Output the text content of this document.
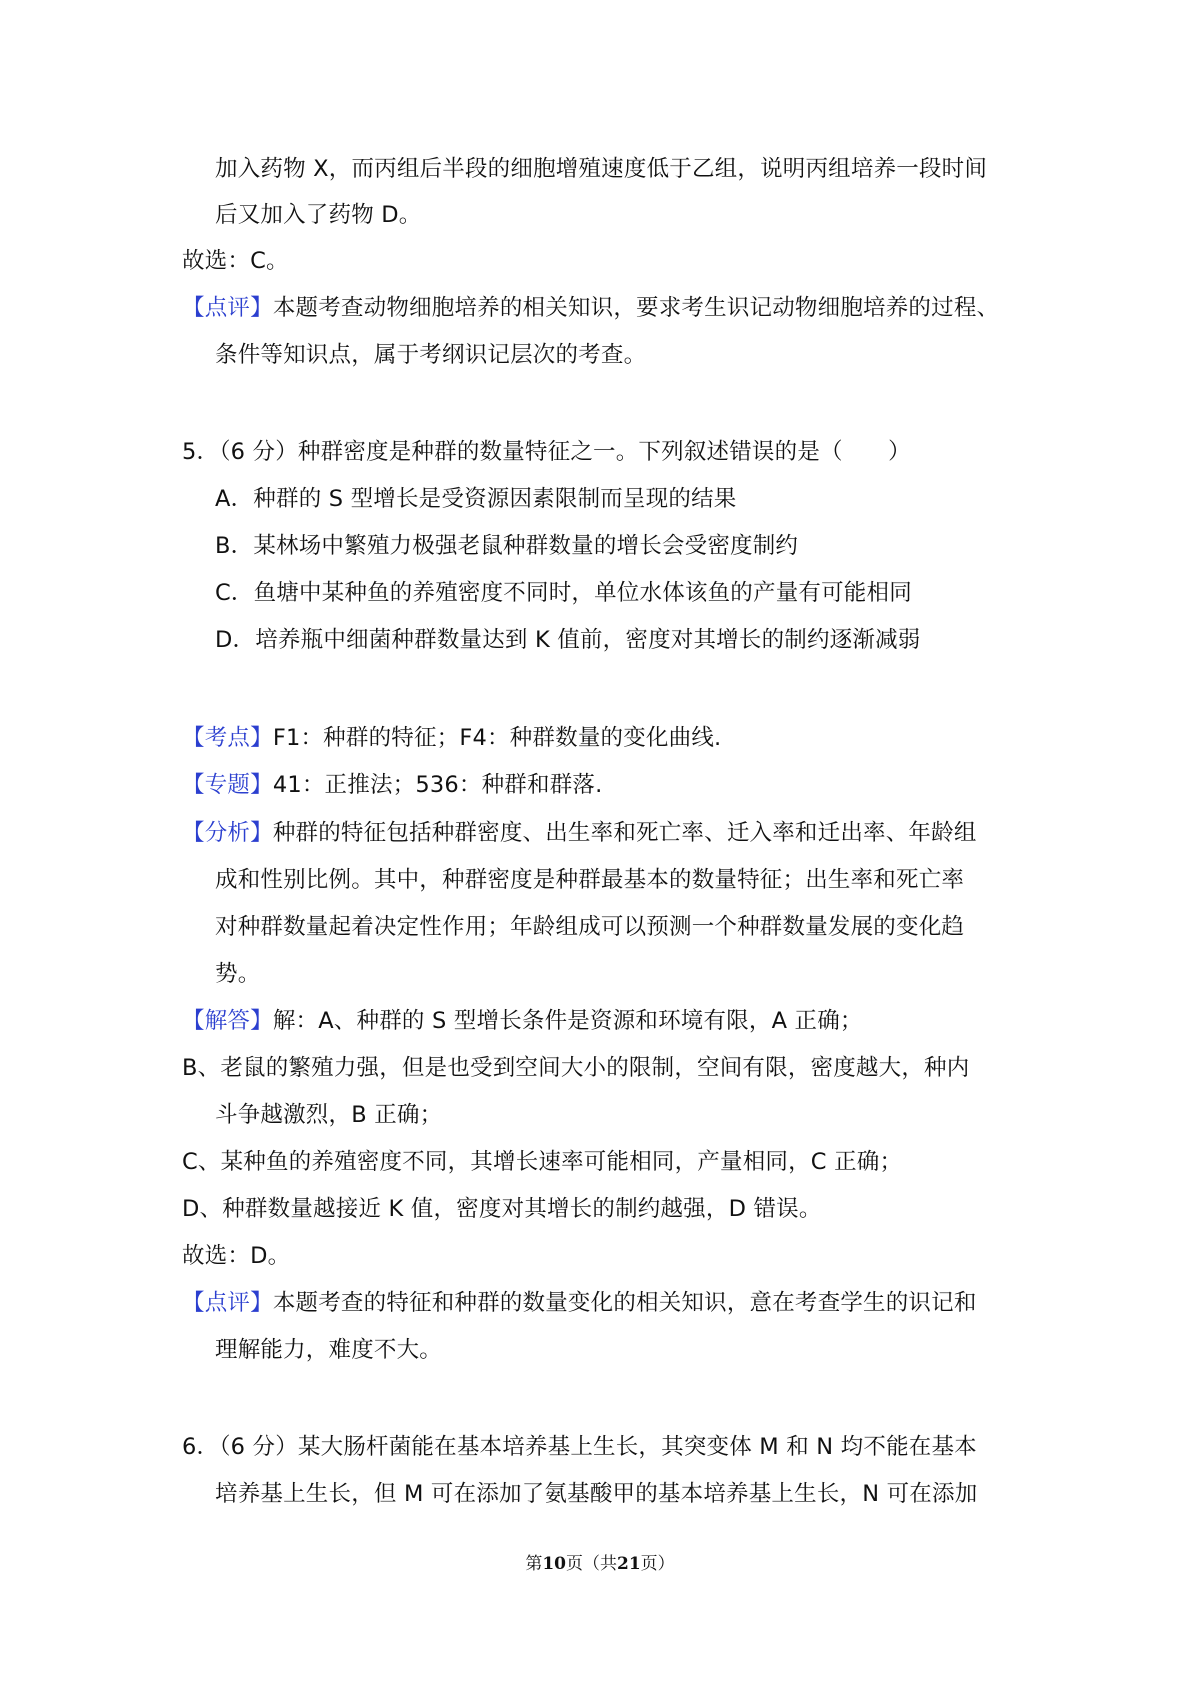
加入药物 X，而丙组后半段的细胞增殖速度低于乙组，说明丙组培养一段时间
后又加入了药物 D。
故选：C。
【点评】本题考查动物细胞培养的相关知识，要求考生识记动物细胞培养的过程、
条件等知识点，属于考纲识记层次的考查。
5．（6 分）种群密度是种群的数量特征之一。下列叙述错误的是（　　）
A．种群的 S 型增长是受资源因素限制而呈现的结果
B．某林场中繁殖力极强老鼠种群数量的增长会受密度制约
C．鱼塘中某种鱼的养殖密度不同时，单位水体该鱼的产量有可能相同
D．培养瓶中细菌种群数量达到 K 值前，密度对其增长的制约逐渐减弱
【考点】F1：种群的特征；F4：种群数量的变化曲线.
【专题】41：正推法；536：种群和群落.
【分析】种群的特征包括种群密度、出生率和死亡率、迁入率和迁出率、年龄组
成和性别比例。其中，种群密度是种群最基本的数量特征；出生率和死亡率
对种群数量起着决定性作用；年龄组成可以预测一个种群数量发展的变化趋
势。
【解答】解：A、种群的 S 型增长条件是资源和环境有限，A 正确；
B、老鼠的繁殖力强，但是也受到空间大小的限制，空间有限，密度越大，种内
斗争越激烈，B 正确；
C、某种鱼的养殖密度不同，其增长速率可能相同，产量相同，C 正确；
D、种群数量越接近 K 值，密度对其增长的制约越强，D 错误。
故选：D。
【点评】本题考查的特征和种群的数量变化的相关知识，意在考查学生的识记和
理解能力，难度不大。
6．（6 分）某大肠杆菌能在基本培养基上生长，其突变体 M 和 N 均不能在基本
培养基上生长，但 M 可在添加了氨基酸甲的基本培养基上生长，N 可在添加
第10页（共21页）
